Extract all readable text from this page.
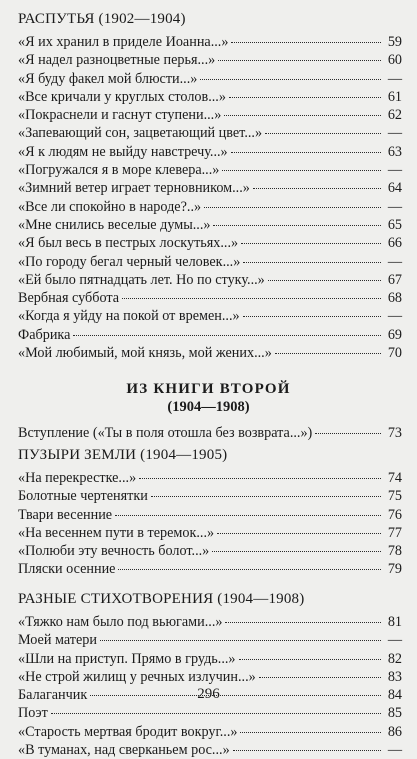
РАСПУТЬЯ (1902—1904)
«Я их хранил в приделе Иоанна...»	59
«Я надел разноцветные перья...»	60
«Я буду факел мой блюсти...»	—
«Все кричали у круглых столов...»	61
«Покраснели и гаснут ступени...»	62
«Запевающий сон, зацветающий цвет...»	—
«Я к людям не выйду навстречу...»	63
«Погружался я в море клевера...»	—
«Зимний ветер играет терновником...»	64
«Все ли спокойно в народе?..»	—
«Мне снились веселые думы...»	65
«Я был весь в пестрых лоскутьях...»	66
«По городу бегал черный человек...»	—
«Ей было пятнадцать лет. Но по стуку...»	67
Вербная суббота	68
«Когда я уйду на покой от времен...»	—
Фабрика	69
«Мой любимый, мой князь, мой жених...»	70
ИЗ КНИГИ ВТОРОЙ
(1904—1908)
Вступление («Ты в поля отошла без возврата...»)	73
ПУЗЫРИ ЗЕМЛИ (1904—1905)
«На перекрестке...»	74
Болотные чертенятки	75
Твари весенние	76
«На весеннем пути в теремок...»	77
«Полюби эту вечность болот...»	78
Пляски осенние	79
РАЗНЫЕ СТИХОТВОРЕНИЯ (1904—1908)
«Тяжко нам было под вьюгами...»	81
Моей матери	—
«Шли на приступ. Прямо в грудь...»	82
«Не строй жилищ у речных излучин...»	83
Балаганчик	84
Поэт	85
«Старость мертвая бродит вокруг...»	86
«В туманах, над сверканьем рос...»	—
296
